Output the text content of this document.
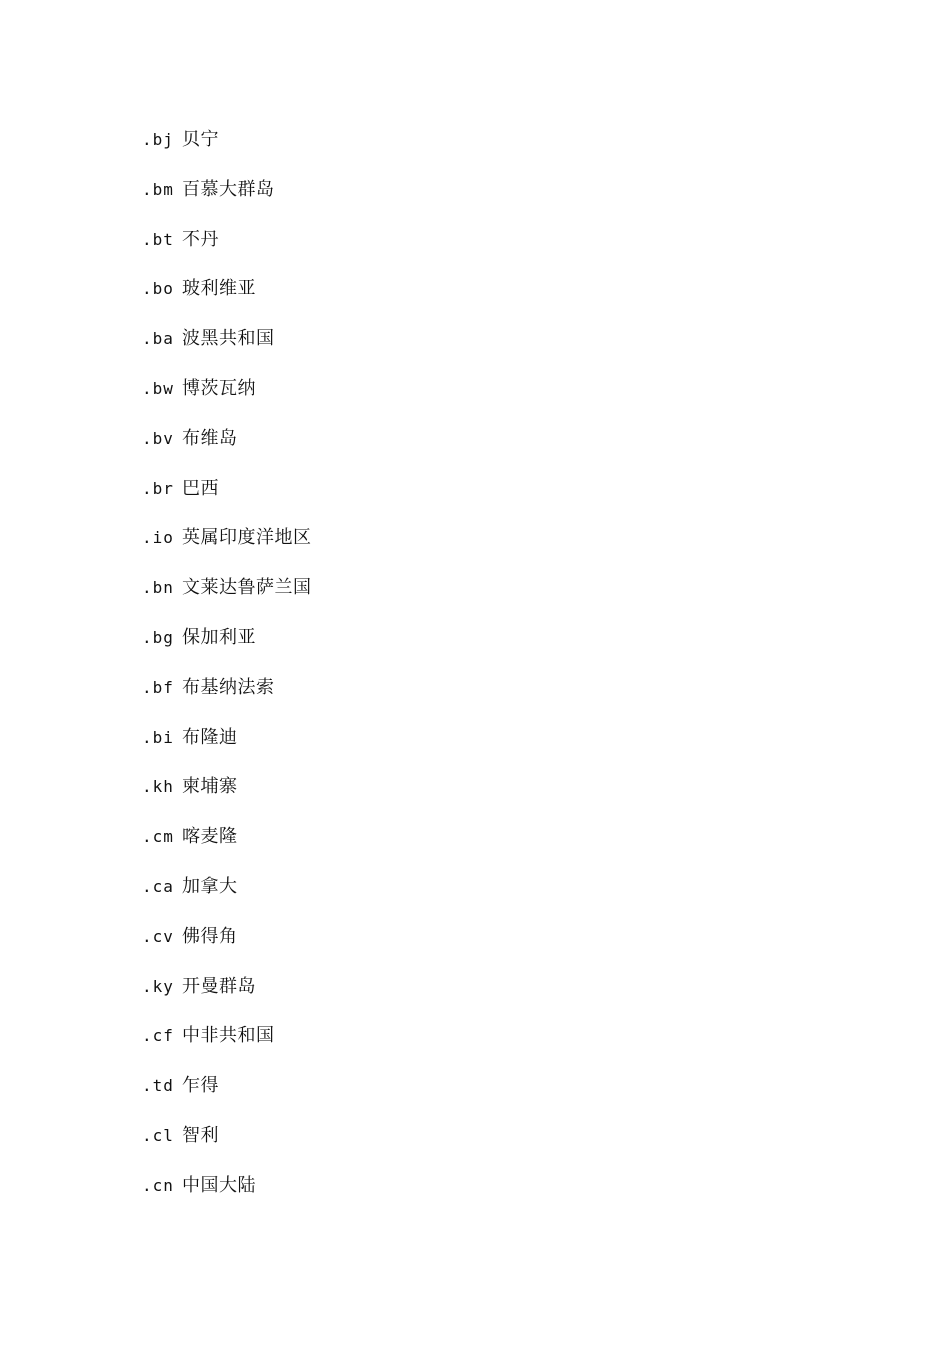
.bj 贝宁
.bm 百慕大群岛
.bt 不丹
.bo 玻利维亚
.ba 波黑共和国
.bw 博茨瓦纳
.bv 布维岛
.br 巴西
.io 英属印度洋地区
.bn 文莱达鲁萨兰国
.bg 保加利亚
.bf 布基纳法索
.bi 布隆迪
.kh 柬埔寨
.cm 喀麦隆
.ca 加拿大
.cv 佛得角
.ky 开曼群岛
.cf 中非共和国
.td 乍得
.cl 智利
.cn 中国大陆
